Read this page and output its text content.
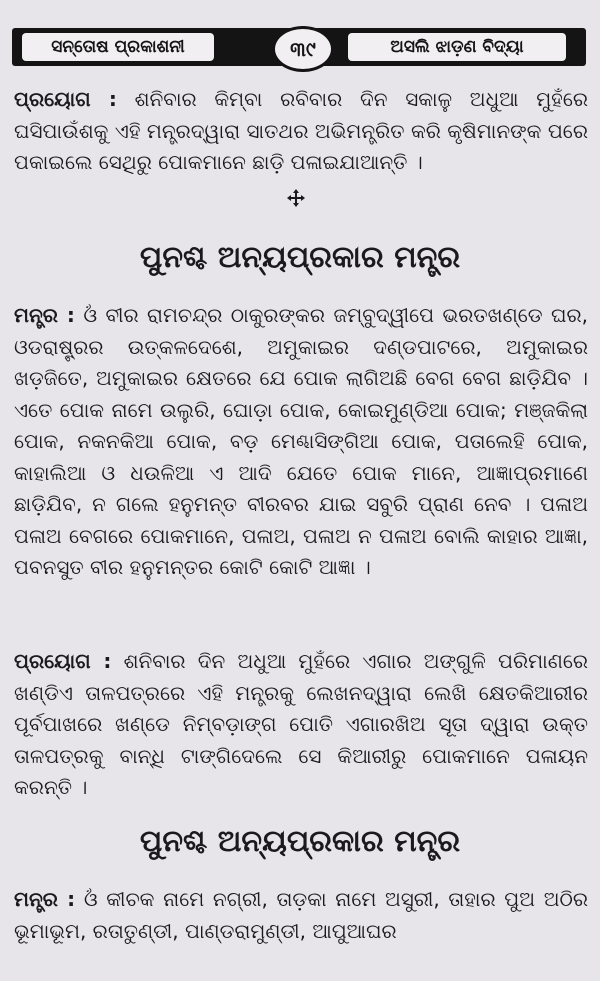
ସନ୍ତୋଷ ପ୍ରକାଶନୀ	୩୯	ଅସଲି ଝାଡ଼ଣ ବିଦ୍ୟା

ପ୍ରୟୋଗ : ଶନିବାର କିମ୍ବା ରବିବାର ଦିନ ସକାଳୁ ଅଧୁଆ ମୁହଁରେ ଘସିପାଉଁଶକୁ ଏହି ମନ୍ତ୍ରଦ୍ୱାରା ସାତଥର ଅଭିମନ୍ତ୍ରିତ କରି କୃଷିମାନଙ୍କ ପରେ ପକାଇଲେ ସେଥିରୁ ପୋକମାନେ ଛାଡ଼ି ପଳାଇଯାଆନ୍ତି ।

ପୁନଶ୍ଚ ଅନ୍ୟପ୍ରକାର ମନ୍ତ୍ର

ମନ୍ତ୍ର : ଓଁ ବୀର ରାମଚନ୍ଦ୍ର ଠାକୁରଙ୍କର ଜମ୍ବୁଦ୍ୱୀପେ ଭରତଖଣ୍ଡେ ଘର, ଓଡରାଷ୍ଟ୍ରର ଉତ୍କଳଦେଶେ, ଅମୁକାଇର ଦଣ୍ଡପାଟରେ, ଅମୁକାଇର ଖଡ଼ଜିତେ, ଅମୁକାଇର କ୍ଷେତରେ ଯେ ପୋକ ଲାଗିଅଛି ବେଗ ବେଗ ଛାଡ଼ିଯିବ । ଏତେ ପୋକ ନାମେ ଉଲୁରି, ଘୋଡ଼ା ପୋକ, କୋଇମୁଣ୍ଡିଆ ପୋକ; ମଞ୍ଜକିଲା ପୋକ, ନକନକିଆ ପୋକ, ବଡ଼ ମେଣ୍ଢାସିଙ୍ଗିଆ ପୋକ, ପତାଲେହି ପୋକ, କାହାଲିଆ ଓ ଧଉଳିଆ ଏ ଆଦି ଯେତେ ପୋକ ମାନେ, ଆଜ୍ଞାପ୍ରମାଣେ ଛାଡ଼ିଯିବ, ନ ଗଲେ ହନୁମନ୍ତ ବୀରବର ଯାଇ ସବୁରି ପ୍ରାଣ ନେବ । ପଳାଅ ପଳାଅ ବେଗରେ ପୋକମାନେ, ପଳାଅ, ପଳାଅ ନ ପଳାଅ ବୋଲି କାହାର ଆଜ୍ଞା, ପବନସୁତ ବୀର ହନୁମନ୍ତର କୋଟି କୋଟି ଆଜ୍ଞା ।

ପ୍ରୟୋଗ : ଶନିବାର ଦିନ ଅଧୁଆ ମୁହଁରେ ଏଗାର ଅଙ୍ଗୁଳି ପରିମାଣରେ ଖଣ୍ଡିଏ ତାଳପତ୍ରରେ ଏହି ମନ୍ତ୍ରକୁ ଲେଖନଦ୍ୱାରା ଲେଖି କ୍ଷେତକିଆରୀର ପୂର୍ବପାଖରେ ଖଣ୍ଡେ ନିମ୍ବଡ଼ାଙ୍ଗ ପୋତି ଏଗାରଖିଅ ସୂତା ଦ୍ୱାରା ଉକ୍ତ ତାଳପତ୍ରକୁ ବାନ୍ଧି ଟାଙ୍ଗିଦେଲେ ସେ କିଆରୀରୁ ପୋକମାନେ ପଳାୟନ କରନ୍ତି ।

ପୁନଶ୍ଚ ଅନ୍ୟପ୍ରକାର ମନ୍ତ୍ର

ମନ୍ତ୍ର : ଓଁ କୀଚକ ନାମେ ନଗ୍ରୀ, ତାଡ଼କା ନାମେ ଅସୁରୀ, ତାହାର ପୁଅ ଅଠିର ଭୂମାଭୂମ, ରତାତୁଣ୍ଡୀ, ପାଣ୍ଡରାମୁଣ୍ଡୀ, ଆପୁଆଘର
